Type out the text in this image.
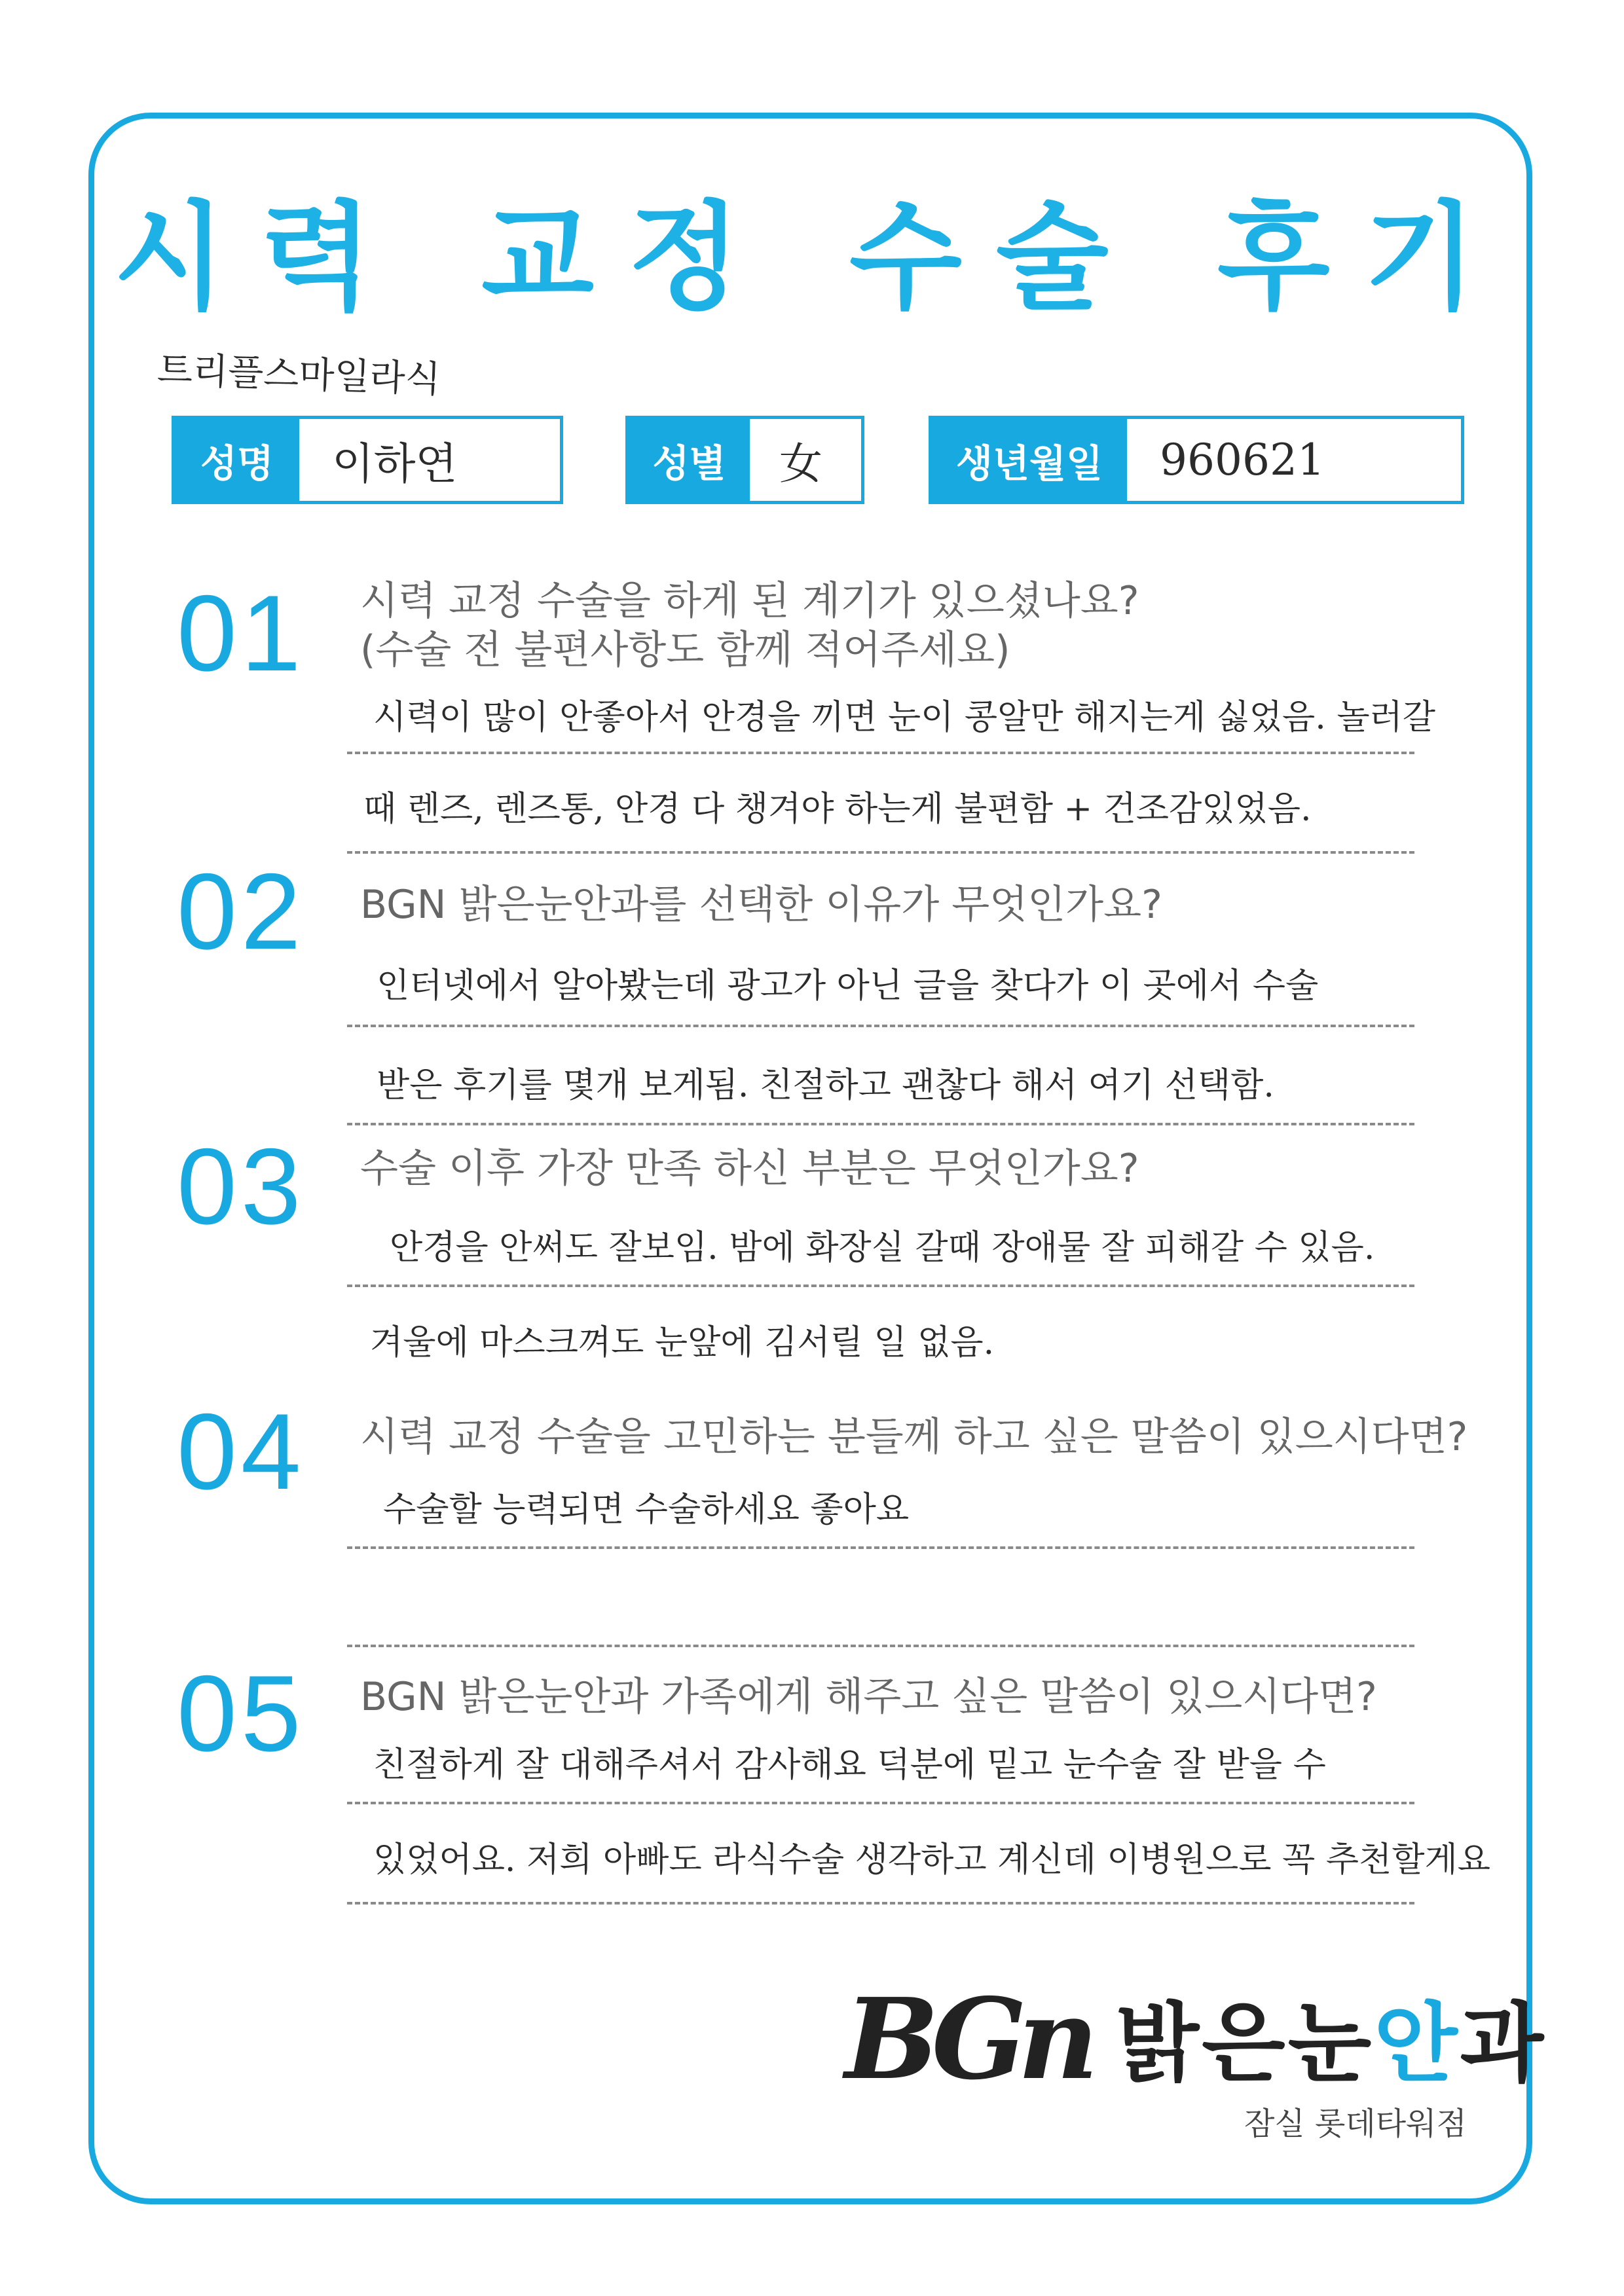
시력 교정 수술 후기
트리플스마일라식
성명	이하연	성별	女	생년월일	960621
01 시력 교정 수술을 하게 된 계기가 있으셨나요?
(수술 전 불편사항도 함께 적어주세요)
시력이 많이 안좋아서 안경을 끼면 눈이 콩알만 해지는게 싫었음. 놀러갈
때 렌즈, 렌즈통, 안경 다 챙겨야 하는게 불편함 + 건조감있었음.
02 BGN 밝은눈안과를 선택한 이유가 무엇인가요?
인터넷에서 알아봤는데 광고가 아닌 글을 찾다가 이 곳에서 수술
받은 후기를 몇개 보게됨. 친절하고 괜찮다 해서 여기 선택함.
03 수술 이후 가장 만족 하신 부분은 무엇인가요?
안경을 안써도 잘보임. 밤에 화장실 갈때 장애물 잘 피해갈 수 있음.
겨울에 마스크껴도 눈앞에 김서릴 일 없음.
04 시력 교정 수술을 고민하는 분들께 하고 싶은 말씀이 있으시다면?
수술할 능력되면 수술하세요 좋아요
05 BGN 밝은눈안과 가족에게 해주고 싶은 말씀이 있으시다면?
친절하게 잘 대해주셔서 감사해요 덕분에 밑고 눈수술 잘 받을 수
있었어요. 저희 아빠도 라식수술 생각하고 계신데 이병원으로 꼭 추천할게요
BGn 밝은눈안과
잠실 롯데타워점
